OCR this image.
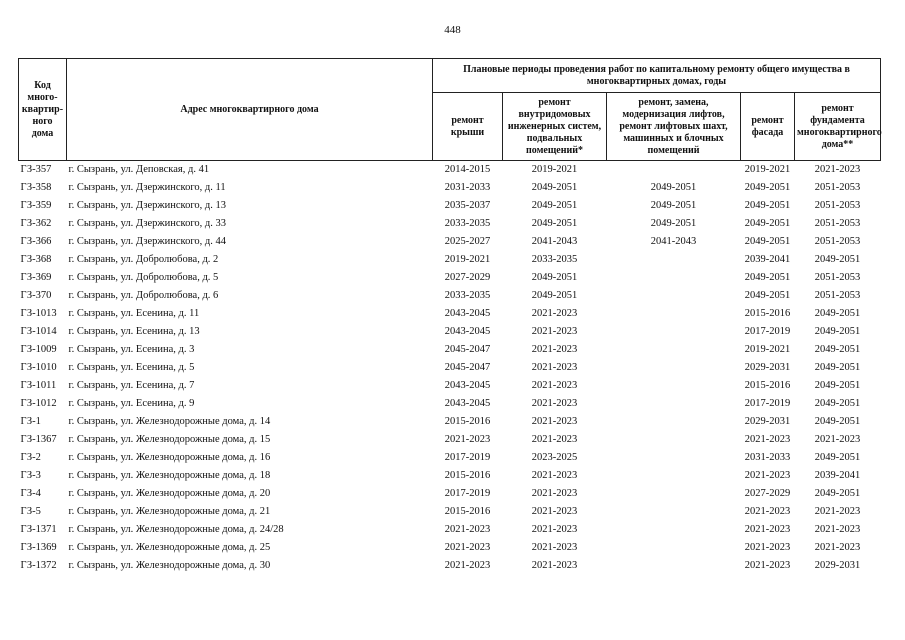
448
Код много-квартир-ного дома	Адрес многоквартирного дома	Плановые периоды проведения работ по капитальному ремонту общего имущества в многоквартирных домах, годы				
		ремонт крыши	ремонт внутридомовых инженерных систем, подвальных помещений*	ремонт, замена, модернизация лифтов, ремонт лифтовых шахт, машинных и блочных помещений	ремонт фасада	ремонт фундамента многоквартирного дома**
ГЗ-357	г. Сызрань, ул. Деповская, д. 41	2014-2015	2019-2021		2019-2021	2021-2023
ГЗ-358	г. Сызрань, ул. Дзержинского, д. 11	2031-2033	2049-2051	2049-2051	2049-2051	2051-2053
ГЗ-359	г. Сызрань, ул. Дзержинского, д. 13	2035-2037	2049-2051	2049-2051	2049-2051	2051-2053
ГЗ-362	г. Сызрань, ул. Дзержинского, д. 33	2033-2035	2049-2051	2049-2051	2049-2051	2051-2053
ГЗ-366	г. Сызрань, ул. Дзержинского, д. 44	2025-2027	2041-2043	2041-2043	2049-2051	2051-2053
ГЗ-368	г. Сызрань, ул. Добролюбова, д. 2	2019-2021	2033-2035		2039-2041	2049-2051
ГЗ-369	г. Сызрань, ул. Добролюбова, д. 5	2027-2029	2049-2051		2049-2051	2051-2053
ГЗ-370	г. Сызрань, ул. Добролюбова, д. 6	2033-2035	2049-2051		2049-2051	2051-2053
ГЗ-1013	г. Сызрань, ул. Есенина, д. 11	2043-2045	2021-2023		2015-2016	2049-2051
ГЗ-1014	г. Сызрань, ул. Есенина, д. 13	2043-2045	2021-2023		2017-2019	2049-2051
ГЗ-1009	г. Сызрань, ул. Есенина, д. 3	2045-2047	2021-2023		2019-2021	2049-2051
ГЗ-1010	г. Сызрань, ул. Есенина, д. 5	2045-2047	2021-2023		2029-2031	2049-2051
ГЗ-1011	г. Сызрань, ул. Есенина, д. 7	2043-2045	2021-2023		2015-2016	2049-2051
ГЗ-1012	г. Сызрань, ул. Есенина, д. 9	2043-2045	2021-2023		2017-2019	2049-2051
ГЗ-1	г. Сызрань, ул. Железнодорожные дома, д. 14	2015-2016	2021-2023		2029-2031	2049-2051
ГЗ-1367	г. Сызрань, ул. Железнодорожные дома, д. 15	2021-2023	2021-2023		2021-2023	2021-2023
ГЗ-2	г. Сызрань, ул. Железнодорожные дома, д. 16	2017-2019	2023-2025		2031-2033	2049-2051
ГЗ-3	г. Сызрань, ул. Железнодорожные дома, д. 18	2015-2016	2021-2023		2021-2023	2039-2041
ГЗ-4	г. Сызрань, ул. Железнодорожные дома, д. 20	2017-2019	2021-2023		2027-2029	2049-2051
ГЗ-5	г. Сызрань, ул. Железнодорожные дома, д. 21	2015-2016	2021-2023		2021-2023	2021-2023
ГЗ-1371	г. Сызрань, ул. Железнодорожные дома, д. 24/28	2021-2023	2021-2023		2021-2023	2021-2023
ГЗ-1369	г. Сызрань, ул. Железнодорожные дома, д. 25	2021-2023	2021-2023		2021-2023	2021-2023
ГЗ-1372	г. Сызрань, ул. Железнодорожные дома, д. 30	2021-2023	2021-2023		2021-2023	2029-2031
